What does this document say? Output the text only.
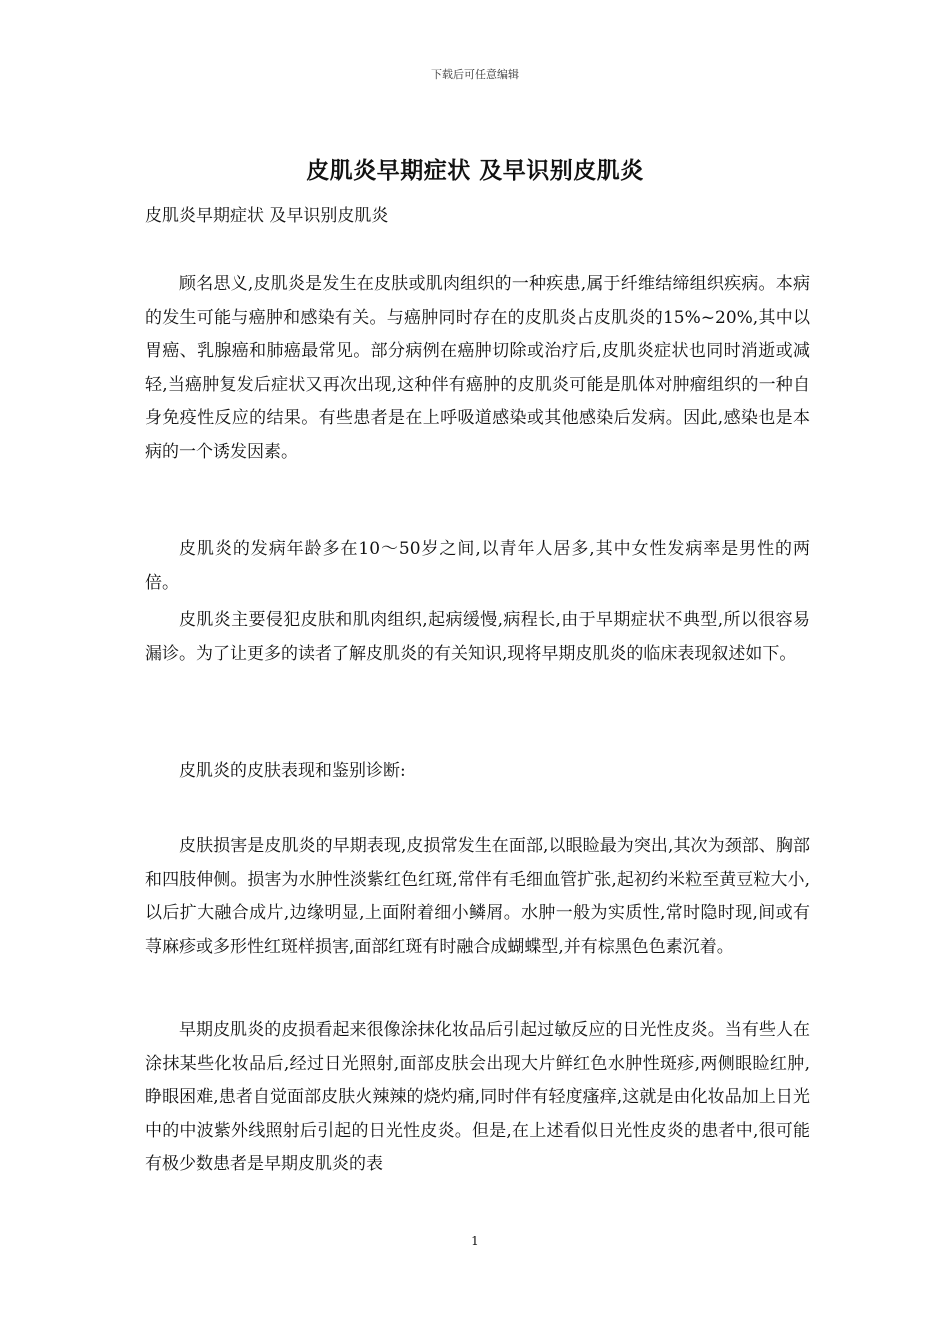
下载后可任意编辑
皮肌炎早期症状 及早识别皮肌炎
皮肌炎早期症状 及早识别皮肌炎

顾名思义,皮肌炎是发生在皮肤或肌肉组织的一种疾患,属于纤维结缔组织疾病。本病的发生可能与癌肿和感染有关。与癌肿同时存在的皮肌炎占皮肌炎的15%~20%,其中以胃癌、乳腺癌和肺癌最常见。部分病例在癌肿切除或治疗后,皮肌炎症状也同时消逝或减轻,当癌肿复发后症状又再次出现,这种伴有癌肿的皮肌炎可能是肌体对肿瘤组织的一种自身免疫性反应的结果。有些患者是在上呼吸道感染或其他感染后发病。因此,感染也是本病的一个诱发因素。

皮肌炎的发病年龄多在10～50岁之间,以青年人居多,其中女性发病率是男性的两倍。

皮肌炎主要侵犯皮肤和肌肉组织,起病缓慢,病程长,由于早期症状不典型,所以很容易漏诊。为了让更多的读者了解皮肌炎的有关知识,现将早期皮肌炎的临床表现叙述如下。

皮肌炎的皮肤表现和鉴别诊断:

皮肤损害是皮肌炎的早期表现,皮损常发生在面部,以眼睑最为突出,其次为颈部、胸部和四肢伸侧。损害为水肿性淡紫红色红斑,常伴有毛细血管扩张,起初约米粒至黄豆粒大小,以后扩大融合成片,边缘明显,上面附着细小鳞屑。水肿一般为实质性,常时隐时现,间或有荨麻疹或多形性红斑样损害,面部红斑有时融合成蝴蝶型,并有棕黑色色素沉着。

早期皮肌炎的皮损看起来很像涂抹化妆品后引起过敏反应的日光性皮炎。当有些人在涂抹某些化妆品后,经过日光照射,面部皮肤会出现大片鲜红色水肿性斑疹,两侧眼睑红肿,睁眼困难,患者自觉面部皮肤火辣辣的烧灼痛,同时伴有轻度瘙痒,这就是由化妆品加上日光中的中波紫外线照射后引起的日光性皮炎。但是,在上述看似日光性皮炎的患者中,很可能有极少数患者是早期皮肌炎的表

1
